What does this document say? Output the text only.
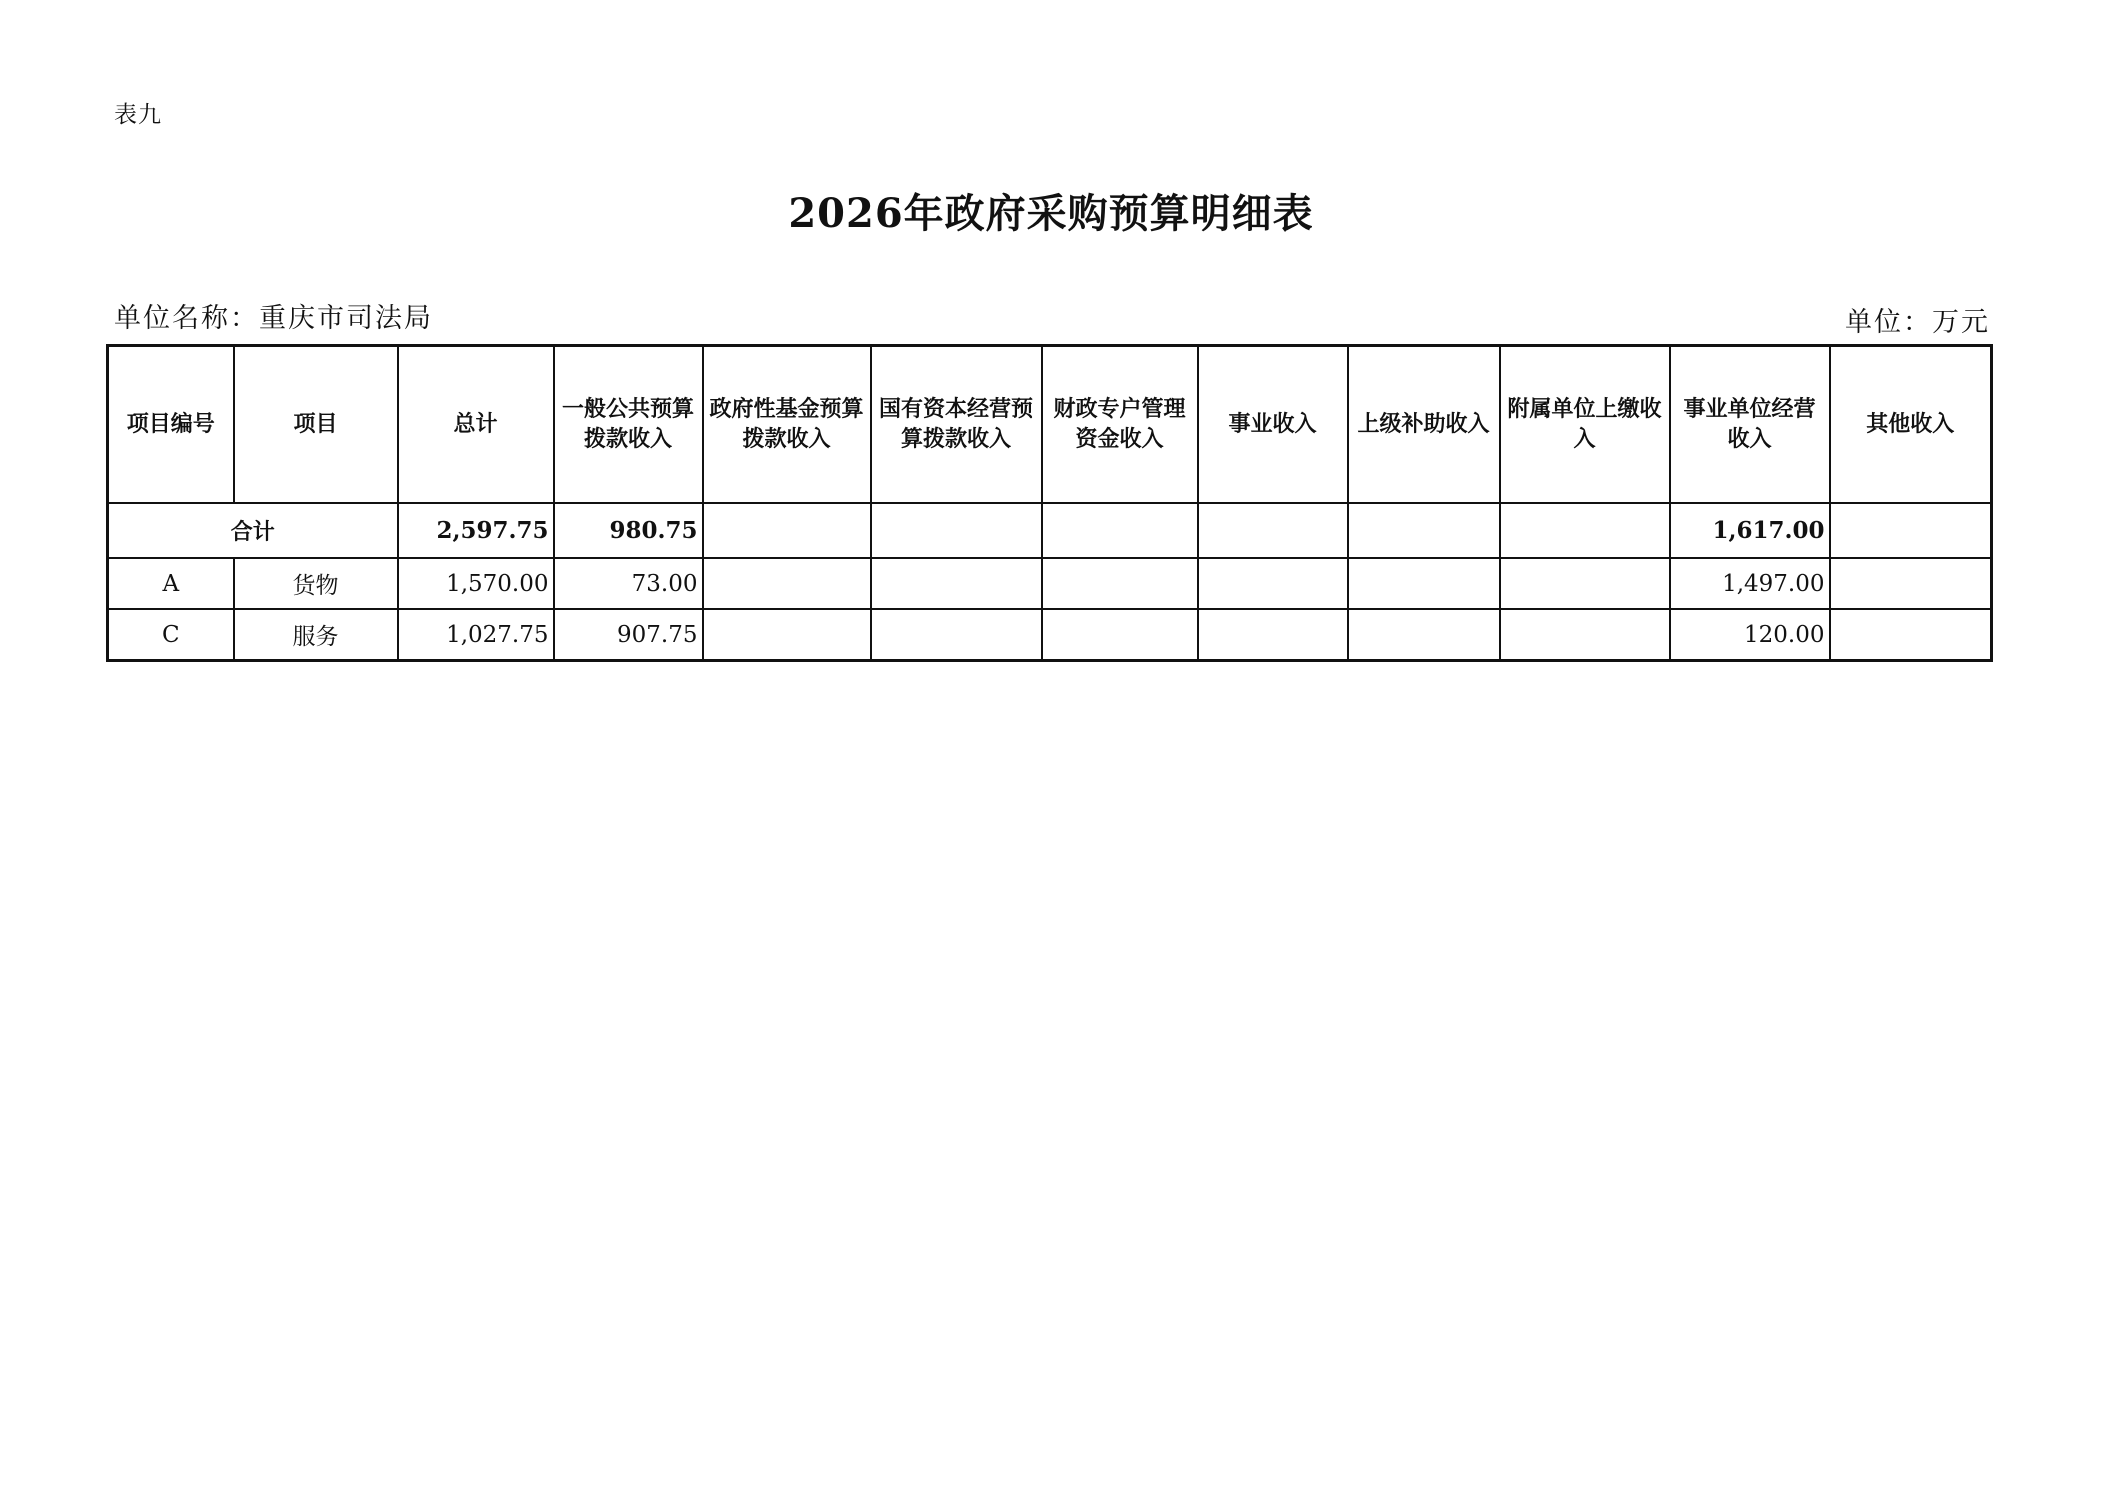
表九
2026年政府采购预算明细表
单位名称：重庆市司法局	单位：万元
项目编号	项目	总计	一般公共预算拨款收入	政府性基金预算拨款收入	国有资本经营预算拨款收入	财政专户管理资金收入	事业收入	上级补助收入	附属单位上缴收入	事业单位经营收入	其他收入
合计		2,597.75	980.75							1,617.00	
A	货物	1,570.00	73.00							1,497.00	
C	服务	1,027.75	907.75							120.00	
